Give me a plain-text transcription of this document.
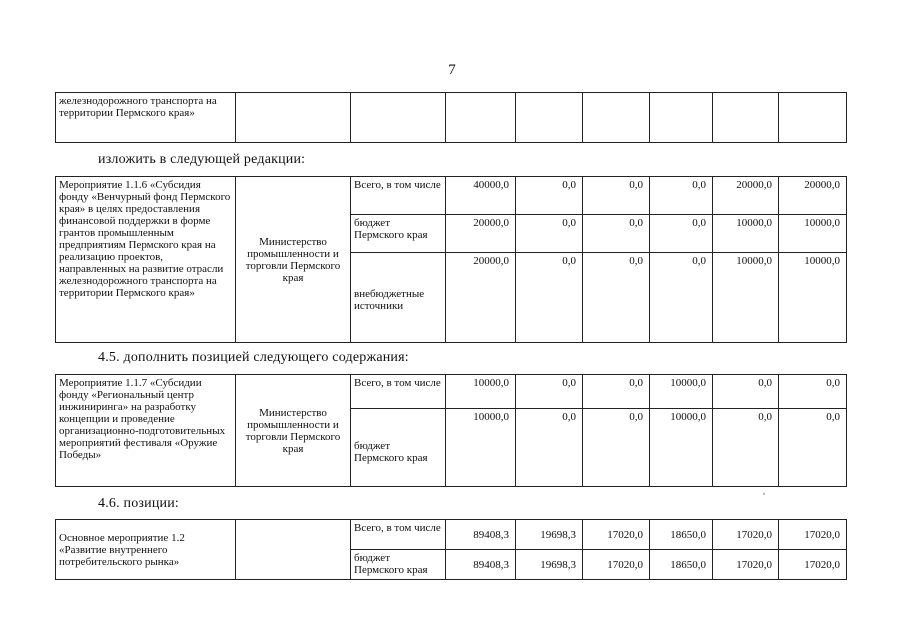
7
железнодорожного транспорта на территории Пермского края»								
изложить в следующей редакции:
Мероприятие 1.1.6 «Субсидия фонду «Венчурный фонд Пермского края» в целях предоставления финансовой поддержки в форме грантов промышленным предприятиям Пермского края на реализацию проектов, направленных на развитие отрасли железнодорожного транспорта на территории Пермского края»	Министерство промышленности и торговли Пермского края	Всего, в том числе	40000,0	0,0	0,0	0,0	20000,0	20000,0
		бюджет Пермского края	20000,0	0,0	0,0	0,0	10000,0	10000,0
		внебюджетные источники	20000,0	0,0	0,0	0,0	10000,0	10000,0
4.5. дополнить позицией следующего содержания:
Мероприятие 1.1.7 «Субсидии фонду «Региональный центр инжиниринга» на разработку концепции и проведение организационно-подготовительных мероприятий фестиваля «Оружие Победы»	Министерство промышленности и торговли Пермского края	Всего, в том числе	10000,0	0,0	0,0	10000,0	0,0	0,0
		бюджет Пермского края	10000,0	0,0	0,0	10000,0	0,0	0,0
4.6. позиции:	˙
Основное мероприятие 1.2 «Развитие внутреннего потребительского рынка»		Всего, в том числе	89408,3	19698,3	17020,0	18650,0	17020,0	17020,0
		бюджет Пермского края	89408,3	19698,3	17020,0	18650,0	17020,0	17020,0
